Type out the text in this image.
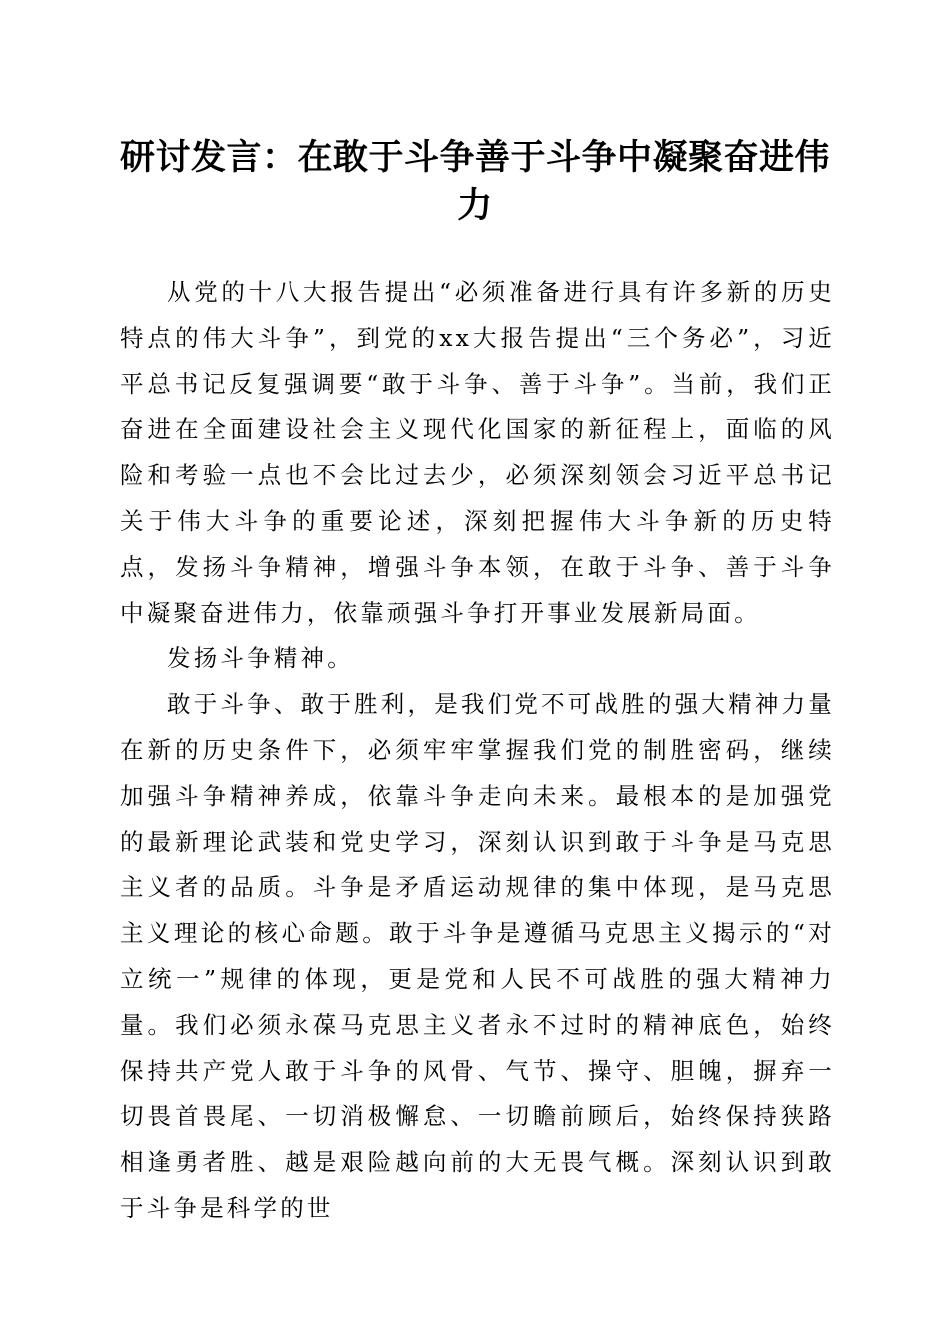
研讨发言：在敢于斗争善于斗争中凝聚奋进伟力

从党的十八大报告提出“必须准备进行具有许多新的历史特点的伟大斗争”，到党的xx大报告提出“三个务必”，习近平总书记反复强调要“敢于斗争、善于斗争”。当前，我们正奋进在全面建设社会主义现代化国家的新征程上，面临的风险和考验一点也不会比过去少，必须深刻领会习近平总书记关于伟大斗争的重要论述，深刻把握伟大斗争新的历史特点，发扬斗争精神，增强斗争本领，在敢于斗争、善于斗争中凝聚奋进伟力，依靠顽强斗争打开事业发展新局面。

发扬斗争精神。

敢于斗争、敢于胜利，是我们党不可战胜的强大精神力量在新的历史条件下，必须牢牢掌握我们党的制胜密码，继续加强斗争精神养成，依靠斗争走向未来。最根本的是加强党的最新理论武装和党史学习，深刻认识到敢于斗争是马克思主义者的品质。斗争是矛盾运动规律的集中体现，是马克思主义理论的核心命题。敢于斗争是遵循马克思主义揭示的“对立统一”规律的体现，更是党和人民不可战胜的强大精神力量。我们必须永葆马克思主义者永不过时的精神底色，始终保持共产党人敢于斗争的风骨、气节、操守、胆魄，摒弃一切畏首畏尾、一切消极懈怠、一切瞻前顾后，始终保持狭路相逢勇者胜、越是艰险越向前的大无畏气概。深刻认识到敢于斗争是科学的世
